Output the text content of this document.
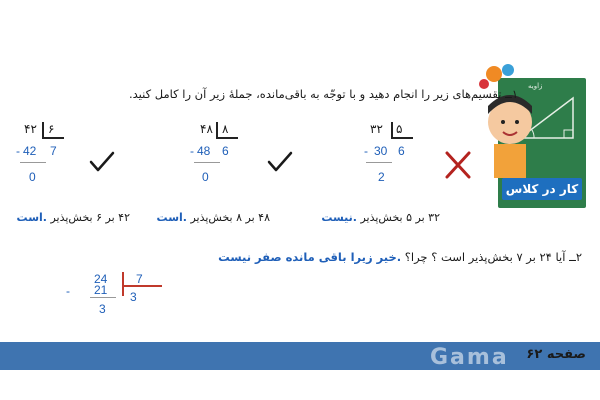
زاویه
کار در کلاس
۱ــ تقسیم‌های زیر را انجام دهید و با توجّه به باقی‌مانده، جملهٔ زیر آن را کامل کنید.
۳۲ ۵
- 30 6
2
۳۲ بر ۵ بخش‌پذیر .نیست
۴۸ ۸
- 48 6
0
۴۸ بر ۸ بخش‌پذیر .است
۴۲ ۶
- 42 7
0
۴۲ بر ۶ بخش‌پذیر .است
۲ــ آیا ۲۴ بر ۷ بخش‌پذیر است ؟ چرا؟ .خیر زیرا باقی مانده صفر نیست
-
24
21
7
3
3
Gama صفحه ۶۲
